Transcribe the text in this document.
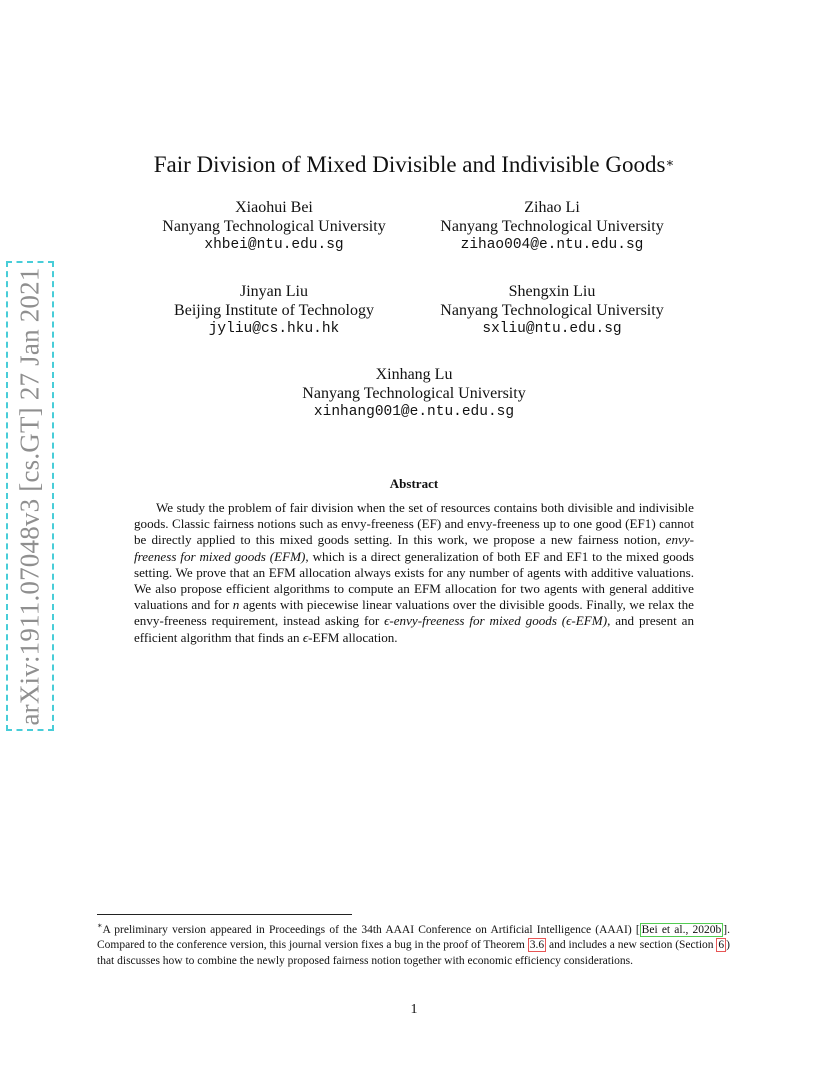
arXiv:1911.07048v3 [cs.GT] 27 Jan 2021
Fair Division of Mixed Divisible and Indivisible Goods∗
Xiaohui Bei
Nanyang Technological University
xhbei@ntu.edu.sg
Zihao Li
Nanyang Technological University
zihao004@e.ntu.edu.sg
Jinyan Liu
Beijing Institute of Technology
jyliu@cs.hku.hk
Shengxin Liu
Nanyang Technological University
sxliu@ntu.edu.sg
Xinhang Lu
Nanyang Technological University
xinhang001@e.ntu.edu.sg
Abstract
We study the problem of fair division when the set of resources contains both divisible and indivisible goods. Classic fairness notions such as envy-freeness (EF) and envy-freeness up to one good (EF1) cannot be directly applied to this mixed goods setting. In this work, we propose a new fairness notion, envy-freeness for mixed goods (EFM), which is a direct generalization of both EF and EF1 to the mixed goods setting. We prove that an EFM allocation always exists for any number of agents with additive valuations. We also propose efficient algorithms to compute an EFM allocation for two agents with general additive valuations and for n agents with piecewise linear valuations over the divisible goods. Finally, we relax the envy-freeness requirement, instead asking for ϵ-envy-freeness for mixed goods (ϵ-EFM), and present an efficient algorithm that finds an ϵ-EFM allocation.
∗A preliminary version appeared in Proceedings of the 34th AAAI Conference on Artificial Intelligence (AAAI) [ Bei et al., 2020b ]. Compared to the conference version, this journal version fixes a bug in the proof of Theorem 3.6 and includes a new section (Section 6 ) that discusses how to combine the newly proposed fairness notion together with economic efficiency considerations.
1
